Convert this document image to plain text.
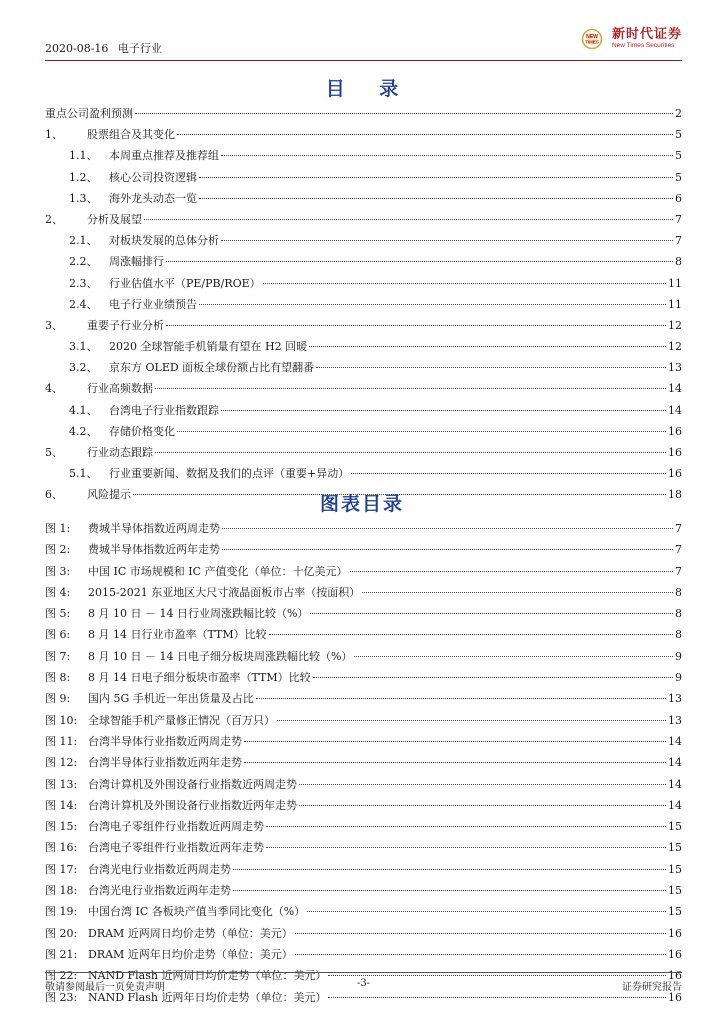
2020-08-16 电子行业
NEW
TIMES 新时代证券
New Times Securities
目 录
重点公司盈利预测	2
1、	股票组合及其变化	5
1.1、	本周重点推荐及推荐组	5
1.2、	核心公司投资逻辑	5
1.3、	海外龙头动态一览	6
2、	分析及展望	7
2.1、	对板块发展的总体分析	7
2.2、	周涨幅排行	8
2.3、	行业估值水平（PE/PB/ROE）	11
2.4、	电子行业业绩预告	11
3、	重要子行业分析	12
3.1、	2020 全球智能手机销量有望在 H2 回暖	12
3.2、	京东方 OLED 面板全球份额占比有望翻番	13
4、	行业高频数据	14
4.1、	台湾电子行业指数跟踪	14
4.2、	存储价格变化	16
5、	行业动态跟踪	16
5.1、	行业重要新闻、数据及我们的点评（重要+异动）	16
6、	风险提示	18
图表目录
图 1:	费城半导体指数近两周走势	7
图 2:	费城半导体指数近两年走势	7
图 3:	中国 IC 市场规模和 IC 产值变化（单位：十亿美元）	7
图 4:	2015-2021 东亚地区大尺寸液晶面板市占率（按面积）	8
图 5:	8 月 10 日 － 14 日行业周涨跌幅比较（%）	8
图 6:	8 月 14 日行业市盈率（TTM）比较	8
图 7:	8 月 10 日 － 14 日电子细分板块周涨跌幅比较（%）	9
图 8:	8 月 14 日电子细分板块市盈率（TTM）比较	9
图 9:	国内 5G 手机近一年出货量及占比	13
图 10: 全球智能手机产量修正情况（百万只）	13
图 11: 台湾半导体行业指数近两周走势	14
图 12: 台湾半导体行业指数近两年走势	14
图 13: 台湾计算机及外围设备行业指数近两周走势	14
图 14: 台湾计算机及外围设备行业指数近两年走势	14
图 15: 台湾电子零组件行业指数近两周走势	15
图 16: 台湾电子零组件行业指数近两年走势	15
图 17: 台湾光电行业指数近两周走势	15
图 18: 台湾光电行业指数近两年走势	15
图 19: 中国台湾 IC 各板块产值当季同比变化（%）	15
图 20: DRAM 近两周日均价走势（单位：美元）	16
图 21: DRAM 近两年日均价走势（单位：美元）	16
图 22: NAND Flash 近两周日均价走势（单位：美元）	16
图 23: NAND Flash 近两年日均价走势（单位：美元）	16
敬请参阅最后一页免责声明	-3-	证券研究报告
